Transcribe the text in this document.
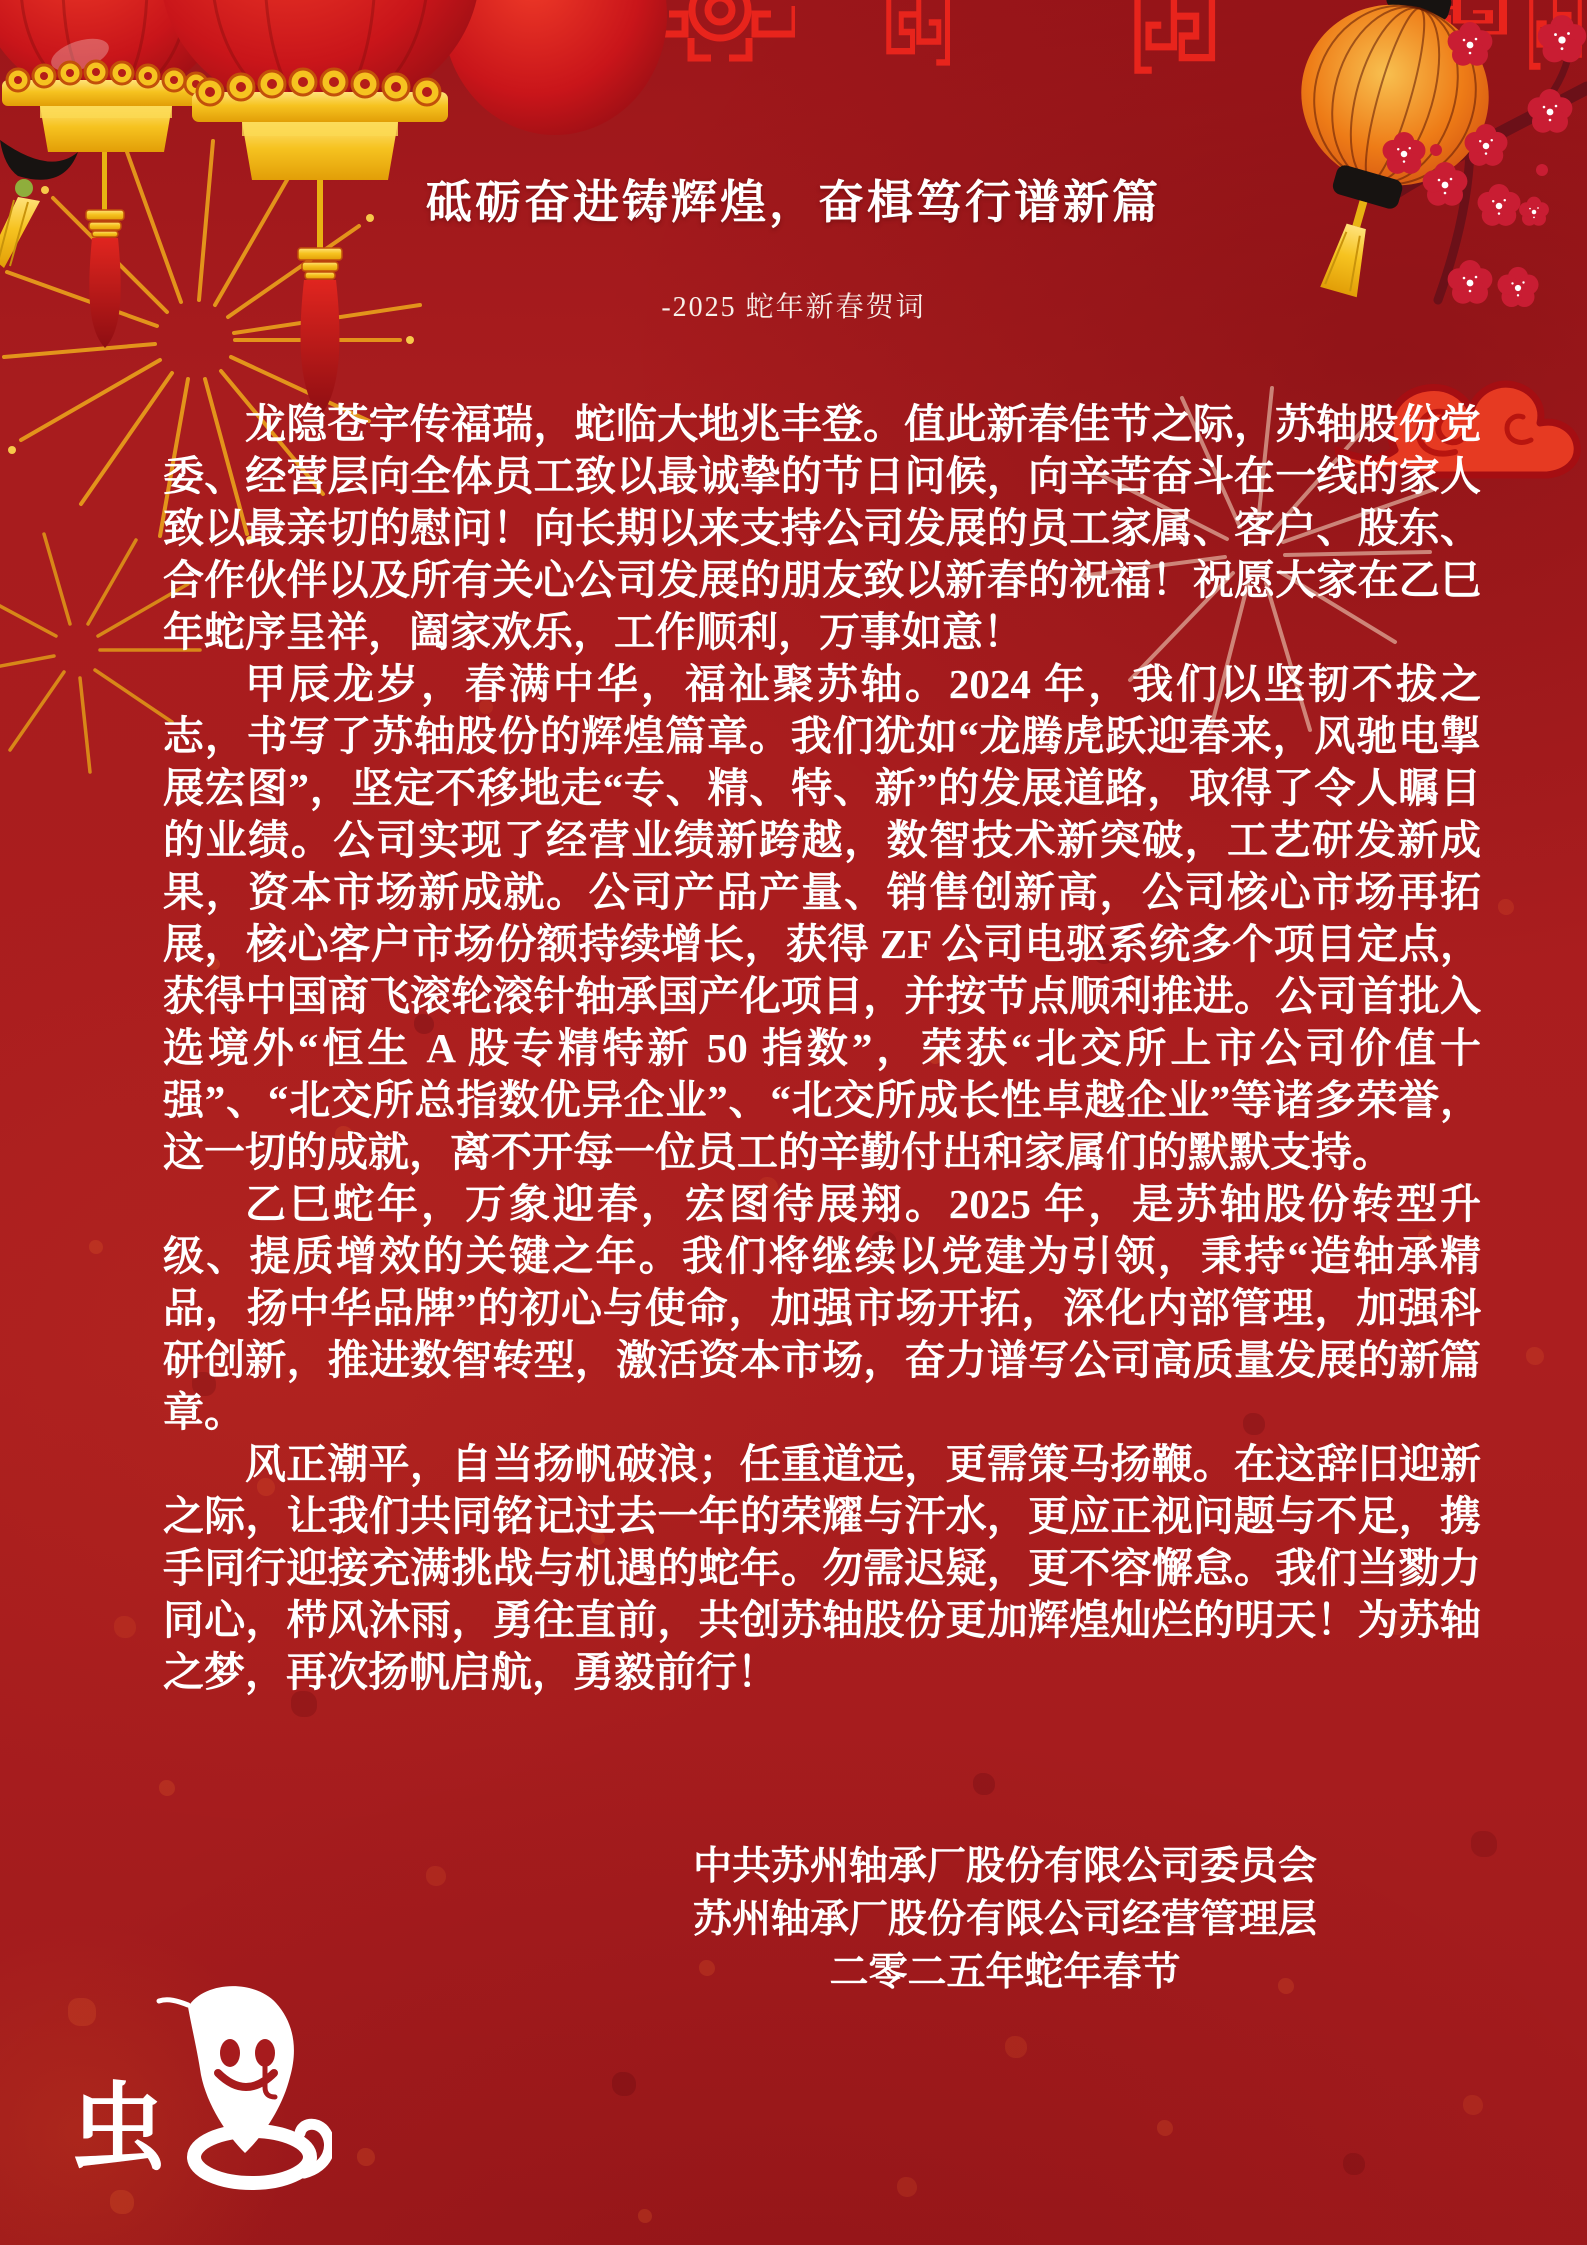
砥砺奋进铸辉煌，奋楫笃行谱新篇
-2025 蛇年新春贺词

龙隐苍宇传福瑞，蛇临大地兆丰登。值此新春佳节之际，苏轴股份党委、经营层向全体员工致以最诚挚的节日问候，向辛苦奋斗在一线的家人致以最亲切的慰问！向长期以来支持公司发展的员工家属、客户、股东、合作伙伴以及所有关心公司发展的朋友致以新春的祝福！祝愿大家在乙巳年蛇序呈祥，阖家欢乐，工作顺利，万事如意！

甲辰龙岁，春满中华，福祉聚苏轴。2024 年，我们以坚韧不拔之志，书写了苏轴股份的辉煌篇章。我们犹如“龙腾虎跃迎春来，风驰电掣展宏图”，坚定不移地走“专、精、特、新”的发展道路，取得了令人瞩目的业绩。公司实现了经营业绩新跨越，数智技术新突破，工艺研发新成果，资本市场新成就。公司产品产量、销售创新高，公司核心市场再拓展，核心客户市场份额持续增长，获得 ZF 公司电驱系统多个项目定点，获得中国商飞滚轮滚针轴承国产化项目，并按节点顺利推进。公司首批入选境外“恒生 A 股专精特新 50 指数”，荣获“北交所上市公司价值十强”、“北交所总指数优异企业”、“北交所成长性卓越企业”等诸多荣誉，这一切的成就，离不开每一位员工的辛勤付出和家属们的默默支持。

乙巳蛇年，万象迎春，宏图待展翔。2025 年，是苏轴股份转型升级、提质增效的关键之年。我们将继续以党建为引领，秉持“造轴承精品，扬中华品牌”的初心与使命，加强市场开拓，深化内部管理，加强科研创新，推进数智转型，激活资本市场，奋力谱写公司高质量发展的新篇章。

风正潮平，自当扬帆破浪；任重道远，更需策马扬鞭。在这辞旧迎新之际，让我们共同铭记过去一年的荣耀与汗水，更应正视问题与不足，携手同行迎接充满挑战与机遇的蛇年。勿需迟疑，更不容懈怠。我们当勠力同心，栉风沐雨，勇往直前，共创苏轴股份更加辉煌灿烂的明天！为苏轴之梦，再次扬帆启航，勇毅前行！

中共苏州轴承厂股份有限公司委员会
苏州轴承厂股份有限公司经营管理层
二零二五年蛇年春节
虫
